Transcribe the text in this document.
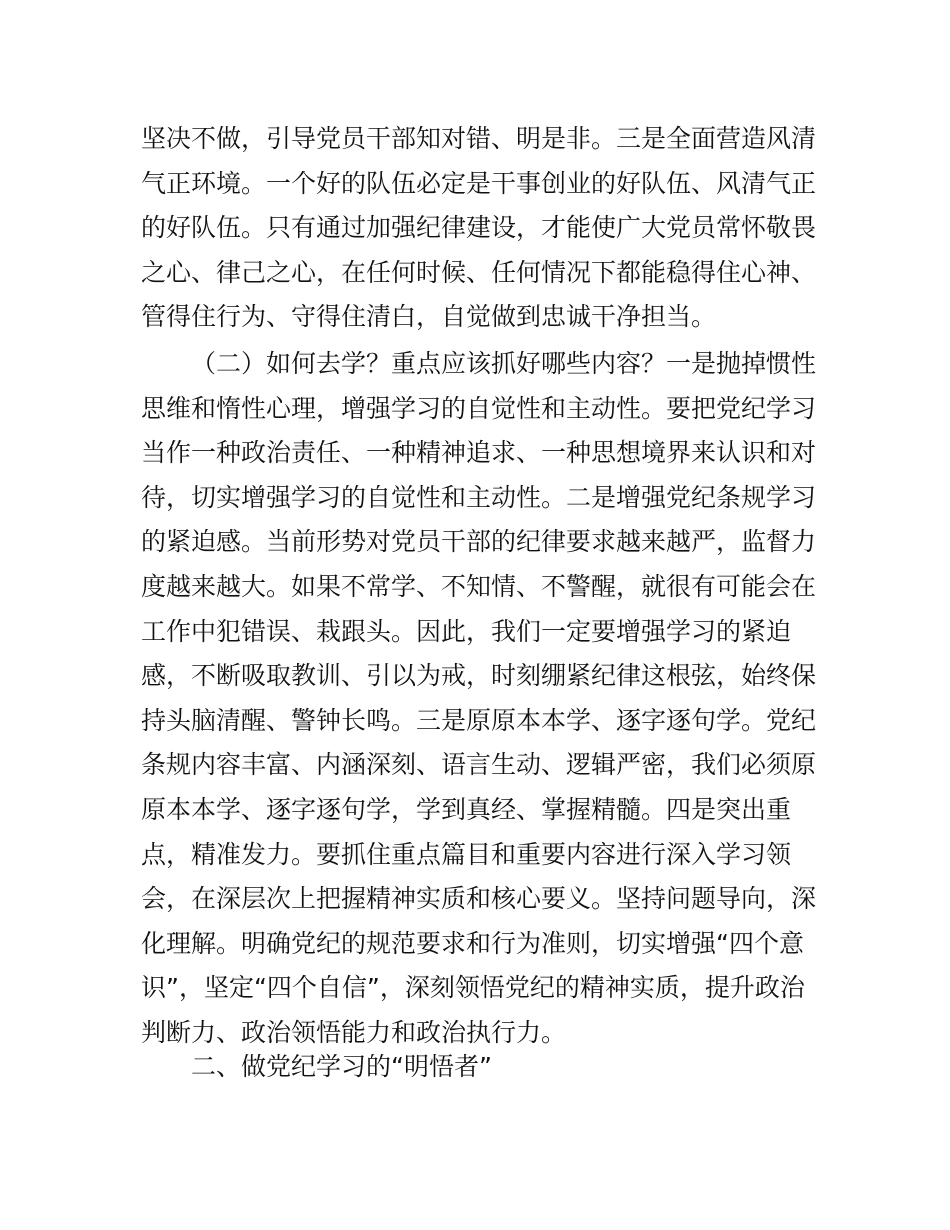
坚决不做，引导党员干部知对错、明是非。三是全面营造风清
气正环境。一个好的队伍必定是干事创业的好队伍、风清气正
的好队伍。只有通过加强纪律建设，才能使广大党员常怀敬畏
之心、律己之心，在任何时候、任何情况下都能稳得住心神、
管得住行为、守得住清白，自觉做到忠诚干净担当。
（二）如何去学？重点应该抓好哪些内容？一是抛掉惯性
思维和惰性心理，增强学习的自觉性和主动性。要把党纪学习
当作一种政治责任、一种精神追求、一种思想境界来认识和对
待，切实增强学习的自觉性和主动性。二是增强党纪条规学习
的紧迫感。当前形势对党员干部的纪律要求越来越严，监督力
度越来越大。如果不常学、不知情、不警醒，就很有可能会在
工作中犯错误、栽跟头。因此，我们一定要增强学习的紧迫
感，不断吸取教训、引以为戒，时刻绷紧纪律这根弦，始终保
持头脑清醒、警钟长鸣。三是原原本本学、逐字逐句学。党纪
条规内容丰富、内涵深刻、语言生动、逻辑严密，我们必须原
原本本学、逐字逐句学，学到真经、掌握精髓。四是突出重
点，精准发力。要抓住重点篇目和重要内容进行深入学习领
会，在深层次上把握精神实质和核心要义。坚持问题导向，深
化理解。明确党纪的规范要求和行为准则，切实增强“四个意
识”，坚定“四个自信”，深刻领悟党纪的精神实质，提升政治
判断力、政治领悟能力和政治执行力。
二、做党纪学习的“明悟者”
